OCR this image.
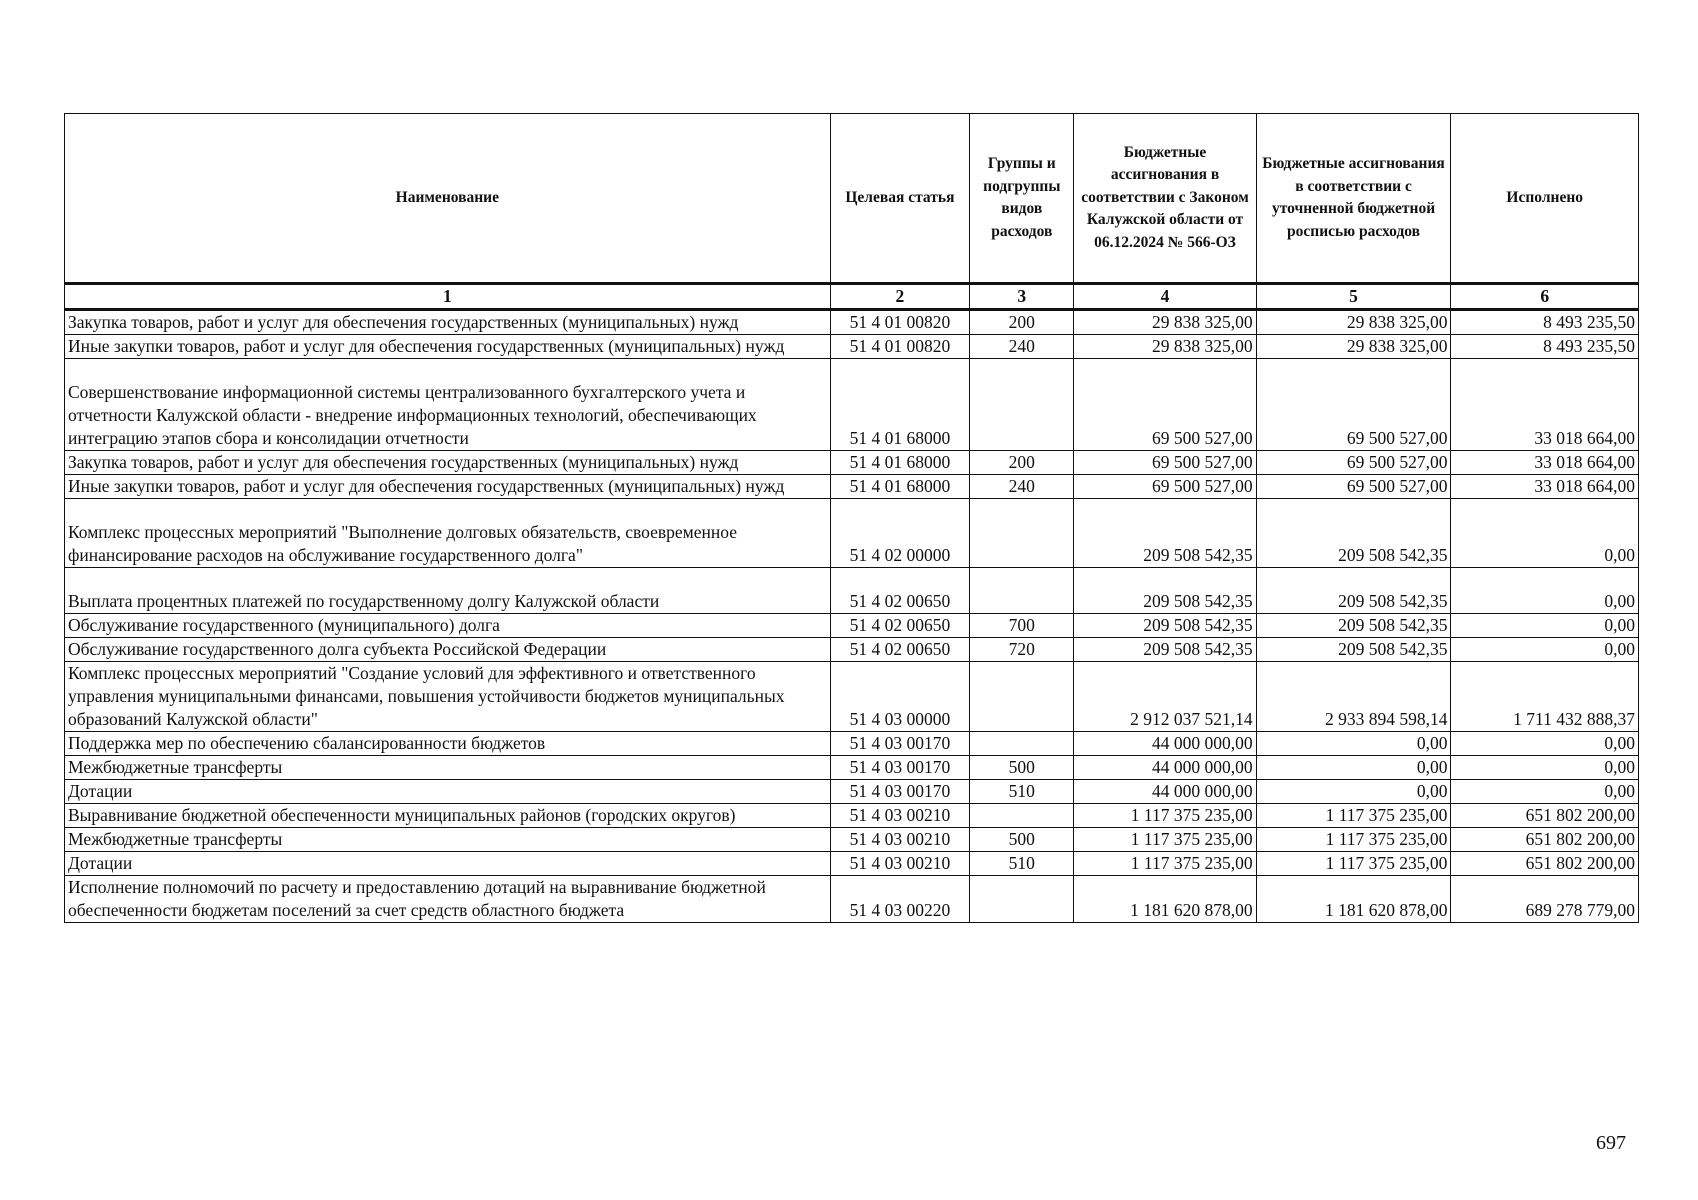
Наименование	Целевая статья	Группы и подгруппы видов расходов	Бюджетные ассигнования в соответствии с Законом Калужской области от 06.12.2024 № 566-ОЗ	Бюджетные ассигнования в соответствии с уточненной бюджетной росписью расходов	Исполнено
1	2	3	4	5	6
Закупка товаров, работ и услуг для обеспечения государственных (муниципальных) нужд	51 4 01 00820	200	29 838 325,00	29 838 325,00	8 493 235,50
Иные закупки товаров, работ и услуг для обеспечения государственных (муниципальных) нужд	51 4 01 00820	240	29 838 325,00	29 838 325,00	8 493 235,50
Совершенствование информационной системы централизованного бухгалтерского учета и отчетности Калужской области - внедрение информационных технологий, обеспечивающих интеграцию этапов сбора и консолидации отчетности	51 4 01 68000		69 500 527,00	69 500 527,00	33 018 664,00
Закупка товаров, работ и услуг для обеспечения государственных (муниципальных) нужд	51 4 01 68000	200	69 500 527,00	69 500 527,00	33 018 664,00
Иные закупки товаров, работ и услуг для обеспечения государственных (муниципальных) нужд	51 4 01 68000	240	69 500 527,00	69 500 527,00	33 018 664,00
Комплекс процессных мероприятий "Выполнение долговых обязательств, своевременное финансирование расходов на обслуживание государственного долга"	51 4 02 00000		209 508 542,35	209 508 542,35	0,00
Выплата процентных платежей по государственному долгу Калужской области	51 4 02 00650		209 508 542,35	209 508 542,35	0,00
Обслуживание государственного (муниципального) долга	51 4 02 00650	700	209 508 542,35	209 508 542,35	0,00
Обслуживание государственного долга субъекта Российской Федерации	51 4 02 00650	720	209 508 542,35	209 508 542,35	0,00
Комплекс процессных мероприятий "Создание условий для эффективного и ответственного управления муниципальными финансами, повышения устойчивости бюджетов муниципальных образований Калужской области"	51 4 03 00000		2 912 037 521,14	2 933 894 598,14	1 711 432 888,37
Поддержка мер по обеспечению сбалансированности бюджетов	51 4 03 00170		44 000 000,00	0,00	0,00
Межбюджетные трансферты	51 4 03 00170	500	44 000 000,00	0,00	0,00
Дотации	51 4 03 00170	510	44 000 000,00	0,00	0,00
Выравнивание бюджетной обеспеченности муниципальных районов (городских округов)	51 4 03 00210		1 117 375 235,00	1 117 375 235,00	651 802 200,00
Межбюджетные трансферты	51 4 03 00210	500	1 117 375 235,00	1 117 375 235,00	651 802 200,00
Дотации	51 4 03 00210	510	1 117 375 235,00	1 117 375 235,00	651 802 200,00
Исполнение полномочий по расчету и предоставлению дотаций на выравнивание бюджетной обеспеченности бюджетам поселений за счет средств областного бюджета	51 4 03 00220		1 181 620 878,00	1 181 620 878,00	689 278 779,00
697
